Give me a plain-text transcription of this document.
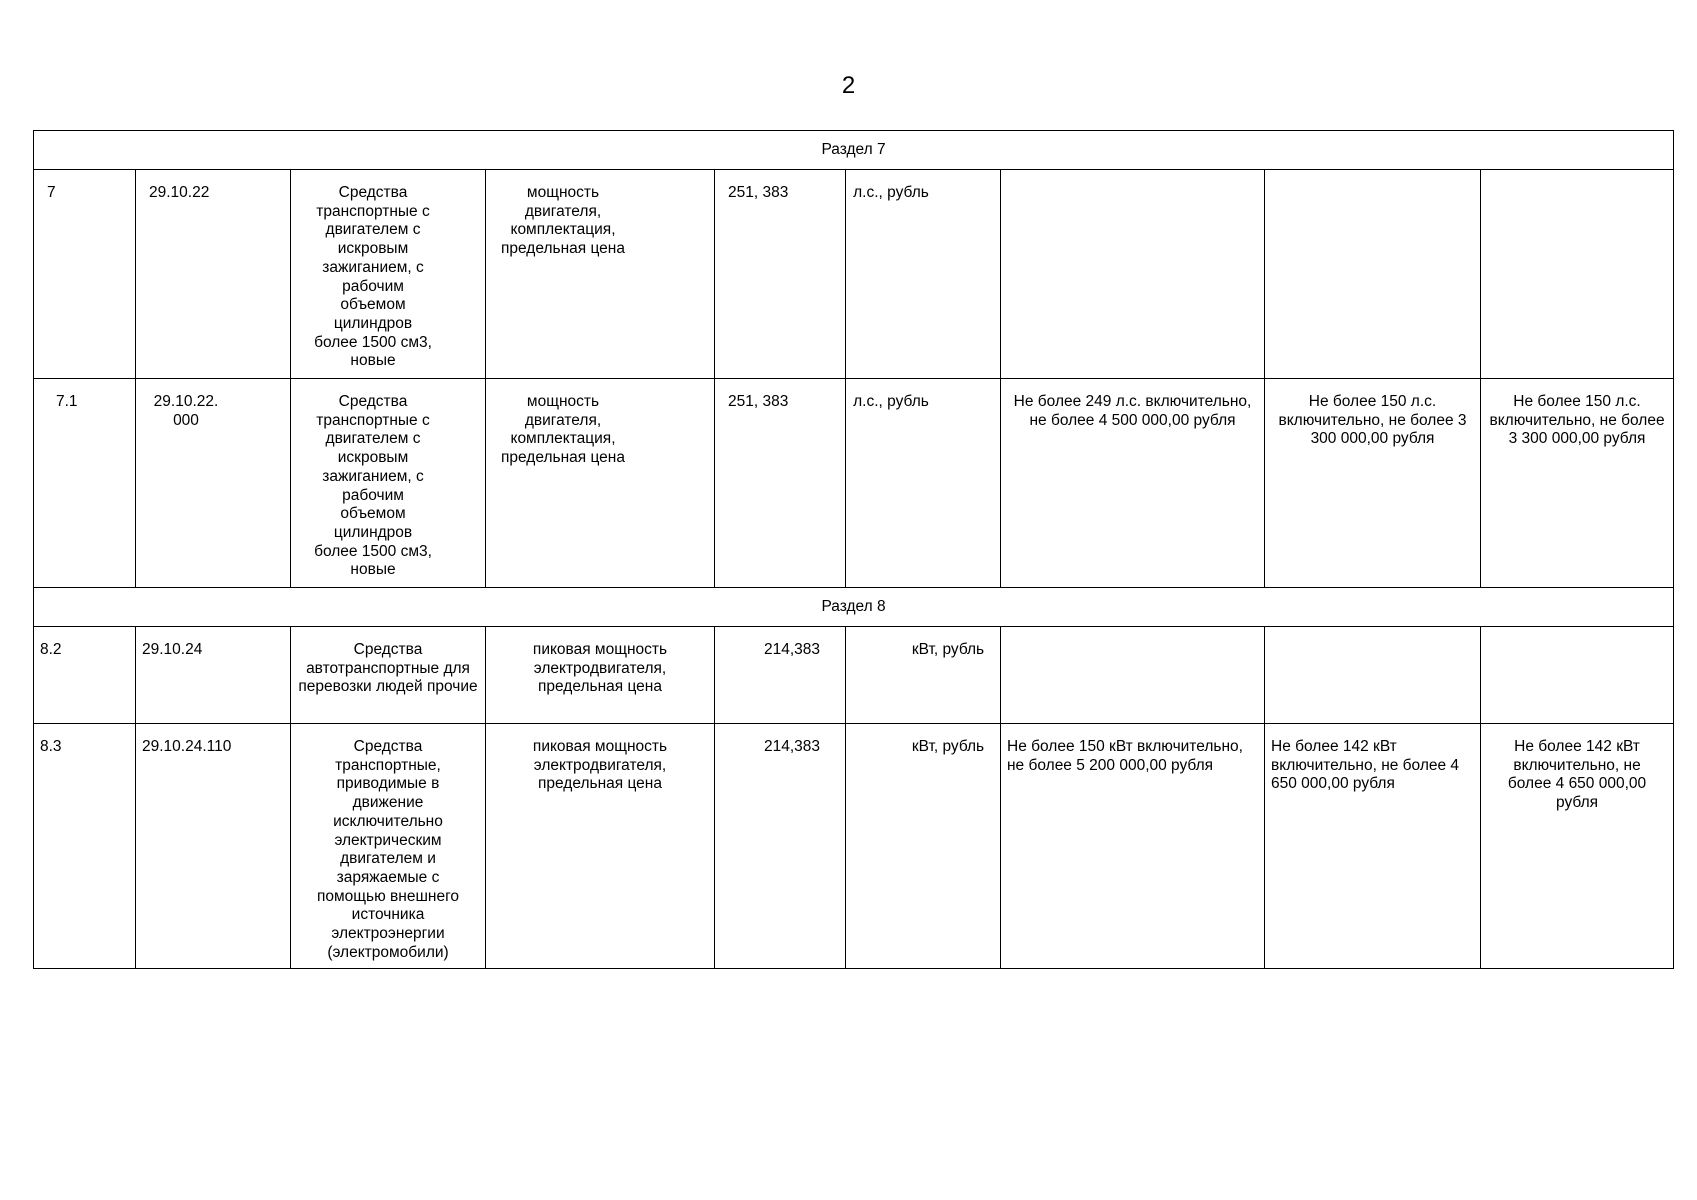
2
Раздел 7								
7	29.10.22	Средства транспортные с двигателем с искровым зажиганием, с рабочим объемом цилиндров более 1500 см3, новые	мощность двигателя, комплектация, предельная цена	251, 383	л.с., рубль			
7.1	29.10.22. 000	Средства транспортные с двигателем с искровым зажиганием, с рабочим объемом цилиндров более 1500 см3, новые	мощность двигателя, комплектация, предельная цена	251, 383	л.с., рубль	Не более 249 л.с. включительно, не более 4 500 000,00 рубля	Не более 150 л.с. включительно, не более 3 300 000,00 рубля	Не более 150 л.с. включительно, не более 3 300 000,00 рубля
Раздел 8								
8.2	29.10.24	Средства автотранспортные для перевозки людей прочие	пиковая мощность электродвигателя, предельная цена	214,383	кВт, рубль			
8.3	29.10.24.110	Средства транспортные, приводимые в движение исключительно электрическим двигателем и заряжаемые с помощью внешнего источника электроэнергии (электромобили)	пиковая мощность электродвигателя, предельная цена	214,383	кВт, рубль	Не более 150 кВт включительно, не более 5 200 000,00 рубля	Не более 142 кВт включительно, не более 4 650 000,00 рубля	Не более 142 кВт включительно, не более 4 650 000,00 рубля
